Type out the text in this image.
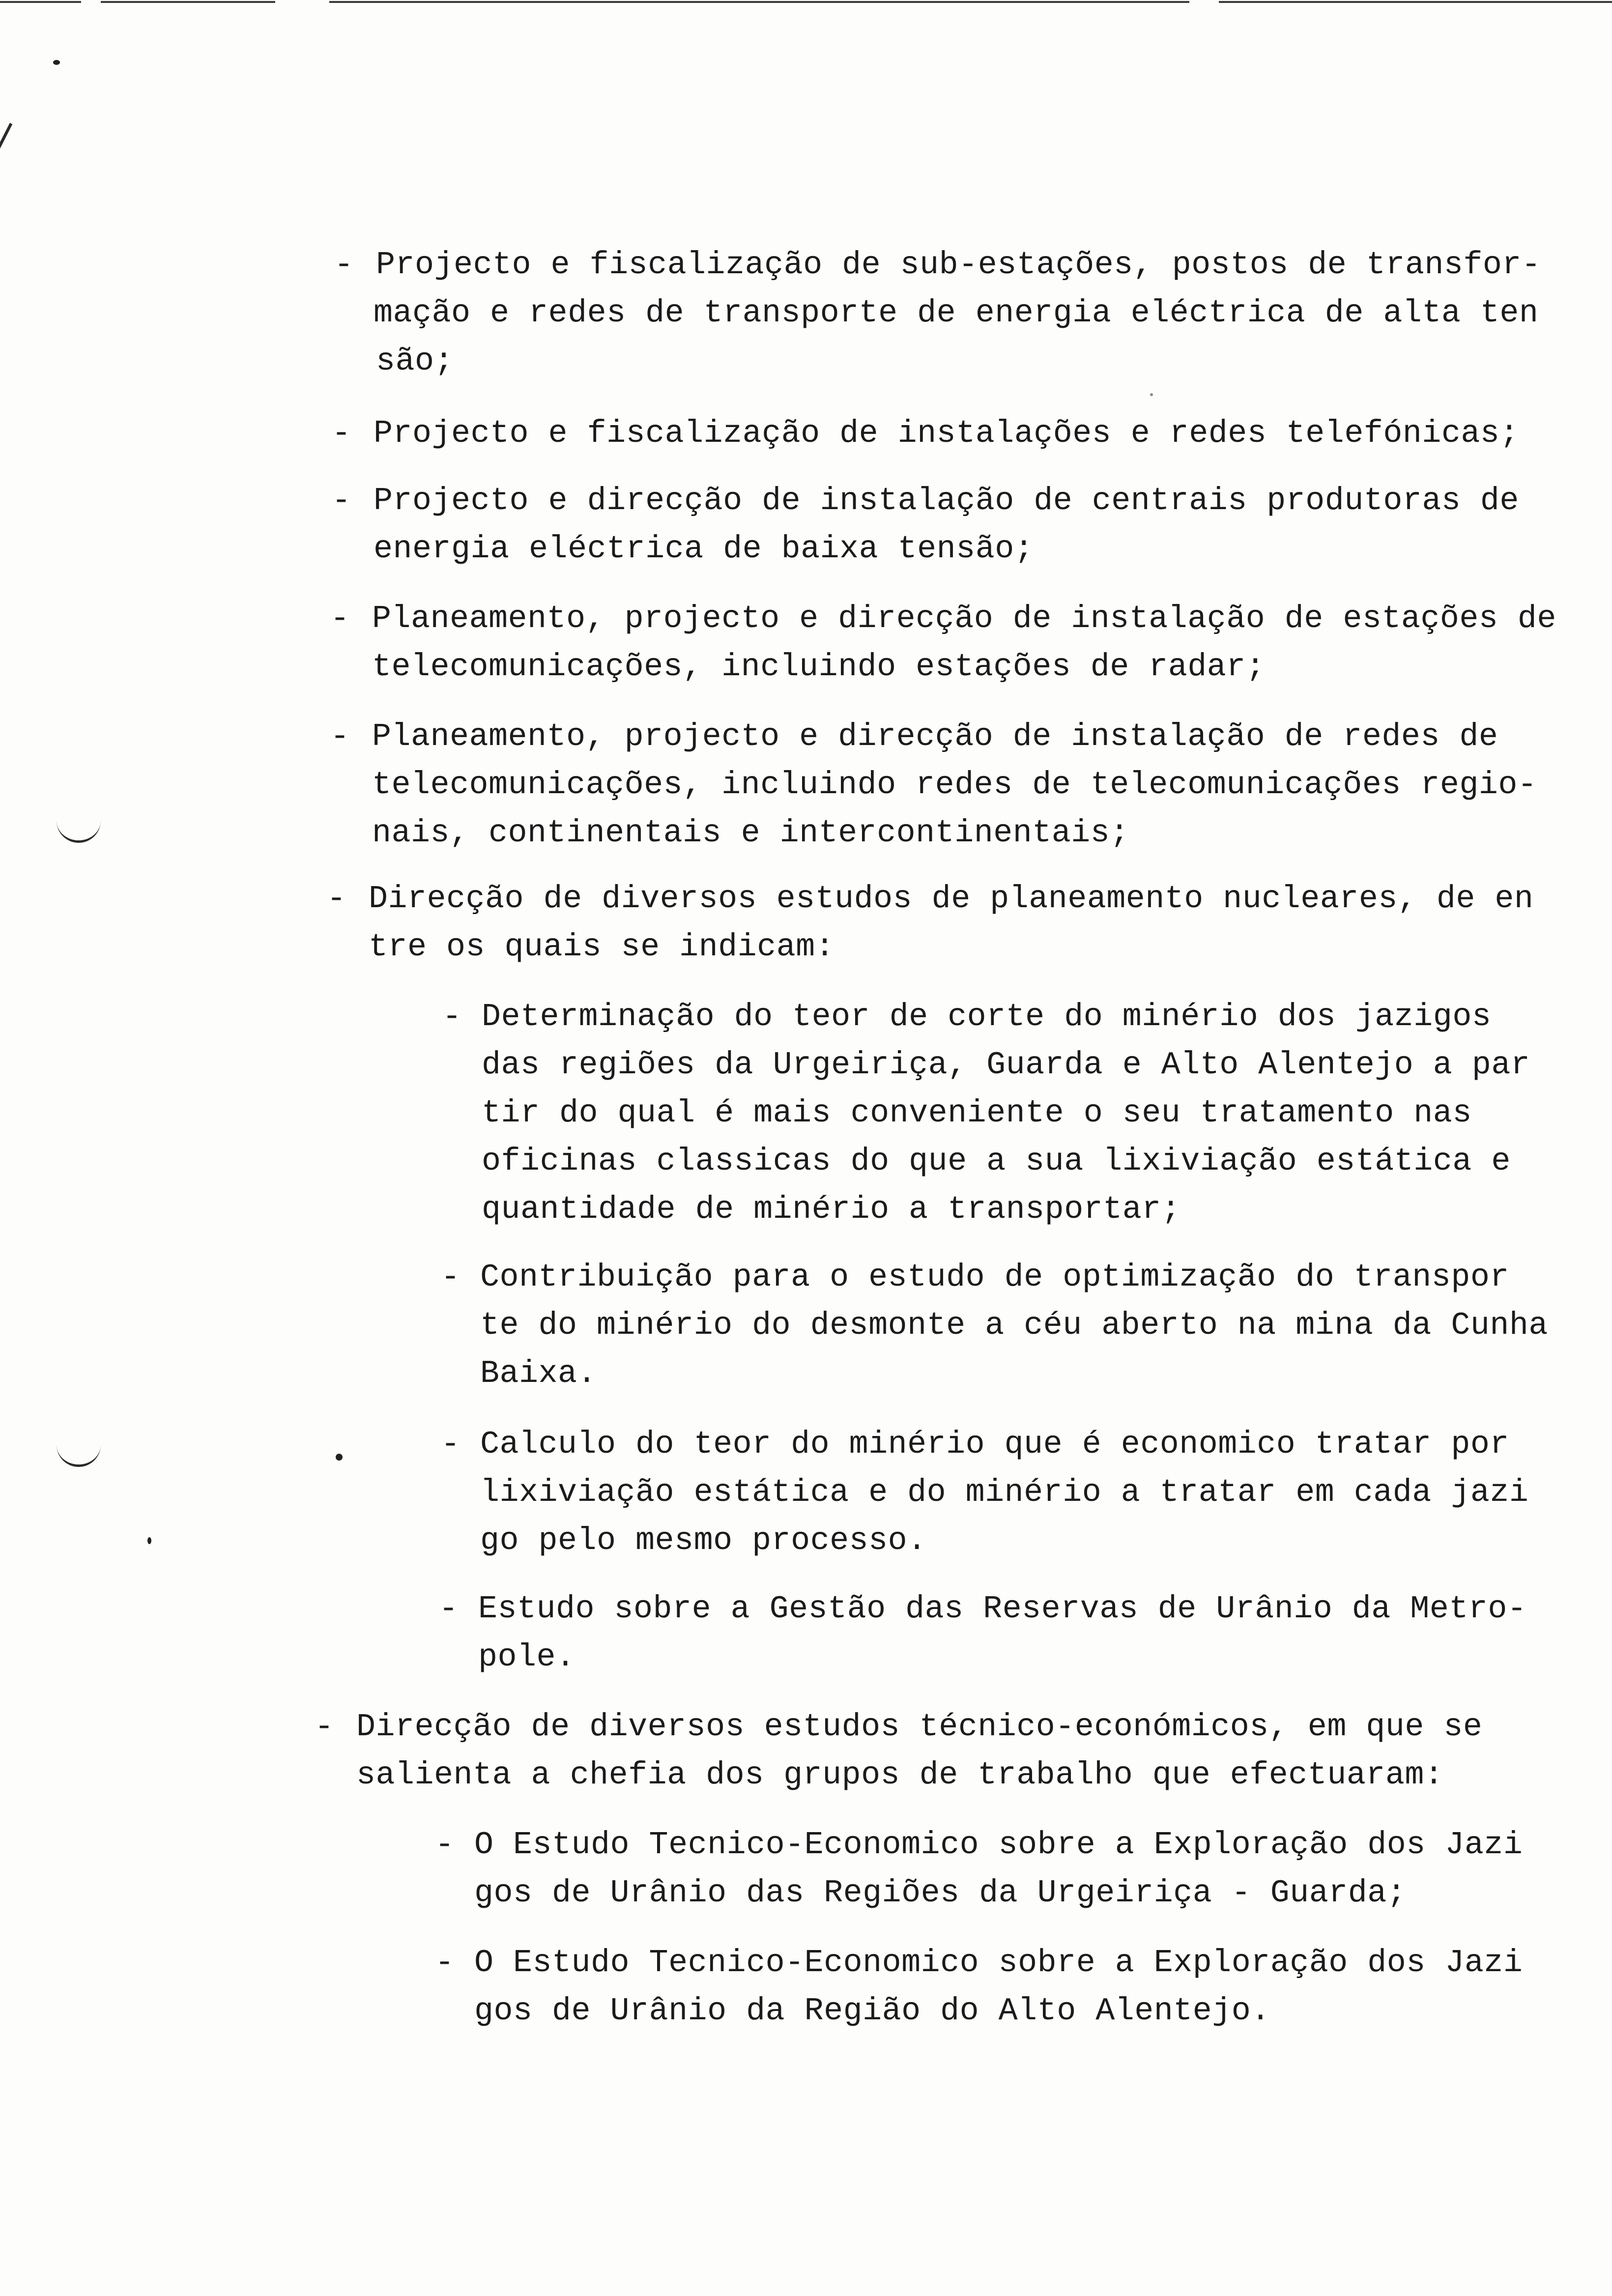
- Projecto e fiscalização de sub-estações, postos de transfor-
mação e redes de transporte de energia eléctrica de alta ten
são;
- Projecto e fiscalização de instalações e redes telefónicas;
- Projecto e direcção de instalação de centrais produtoras de
energia eléctrica de baixa tensão;
- Planeamento, projecto e direcção de instalação de estações de
telecomunicações, incluindo estações de radar;
- Planeamento, projecto e direcção de instalação de redes de
telecomunicações, incluindo redes de telecomunicações regio-
nais, continentais e intercontinentais;
- Direcção de diversos estudos de planeamento nucleares, de en
tre os quais se indicam:
- Determinação do teor de corte do minério dos jazigos
das regiões da Urgeiriça, Guarda e Alto Alentejo a par
tir do qual é mais conveniente o seu tratamento nas
oficinas classicas do que a sua lixiviação estática e
quantidade de minério a transportar;
- Contribuição para o estudo de optimização do transpor
te do minério do desmonte a céu aberto na mina da Cunha
Baixa.
- Calculo do teor do minério que é economico tratar por
lixiviação estática e do minério a tratar em cada jazi
go pelo mesmo processo.
- Estudo sobre a Gestão das Reservas de Urânio da Metro-
pole.
- Direcção de diversos estudos técnico-económicos, em que se
salienta a chefia dos grupos de trabalho que efectuaram:
- O Estudo Tecnico-Economico sobre a Exploração dos Jazi
gos de Urânio das Regiões da Urgeiriça - Guarda;
- O Estudo Tecnico-Economico sobre a Exploração dos Jazi
gos de Urânio da Região do Alto Alentejo.
